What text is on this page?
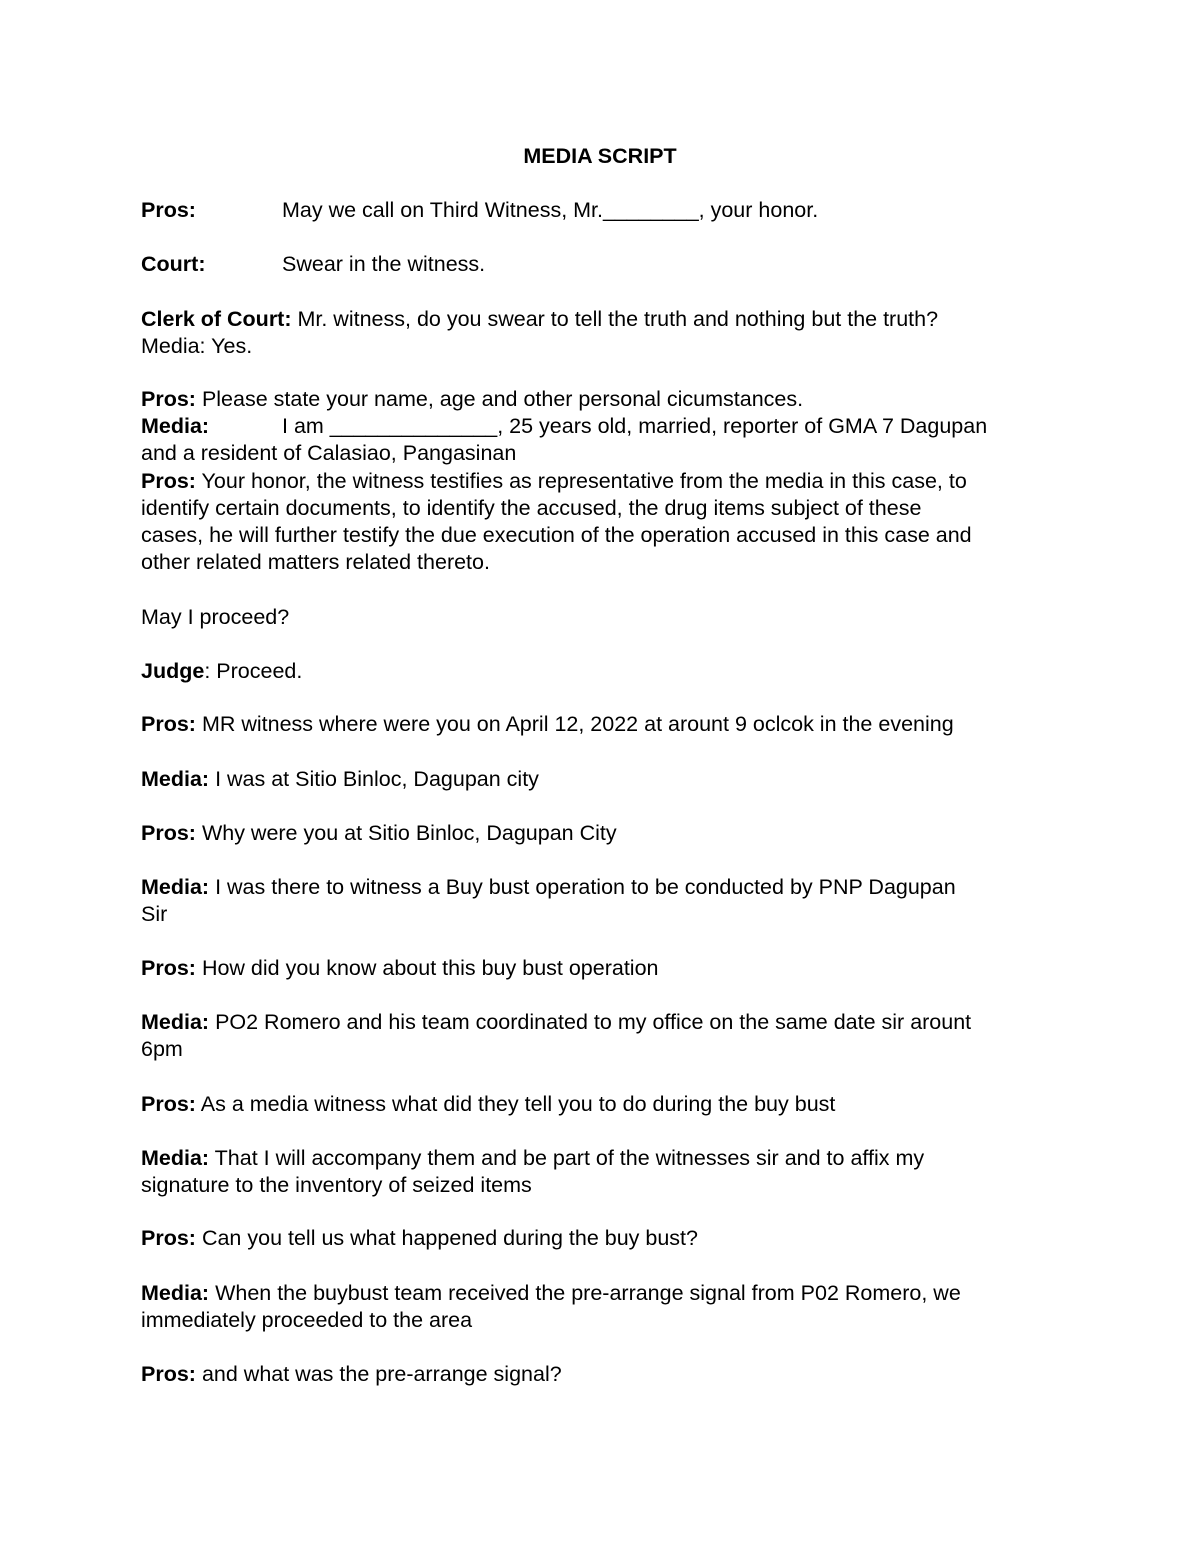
MEDIA SCRIPT
Pros:	May we call on Third Witness, Mr.________, your honor.
Court:	Swear in the witness.
Clerk of Court: Mr. witness, do you swear to tell the truth and nothing but the truth?
Media: Yes.
Pros: Please state your name, age and other personal cicumstances.
Media:	I am ______________, 25 years old, married, reporter of GMA 7 Dagupan
and a resident of Calasiao, Pangasinan
Pros: Your honor, the witness testifies as representative from the media in this case, to
identify certain documents, to identify the accused, the drug items subject of these
cases, he will further testify the due execution of the operation accused in this case and
other related matters related thereto.
May I proceed?
Judge: Proceed.
Pros: MR witness where were you on April 12, 2022 at arount 9 oclcok in the evening
Media: I was at Sitio Binloc, Dagupan city
Pros: Why were you at Sitio Binloc, Dagupan City
Media: I was there to witness a Buy bust operation to be conducted by PNP Dagupan
Sir
Pros: How did you know about this buy bust operation
Media: PO2 Romero and his team coordinated to my office on the same date sir arount
6pm
Pros: As a media witness what did they tell you to do during the buy bust
Media: That I will accompany them and be part of the witnesses sir and to affix my
signature to the inventory of seized items
Pros: Can you tell us what happened during the buy bust?
Media: When the buybust team received the pre-arrange signal from P02 Romero, we
immediately proceeded to the area
Pros: and what was the pre-arrange signal?
